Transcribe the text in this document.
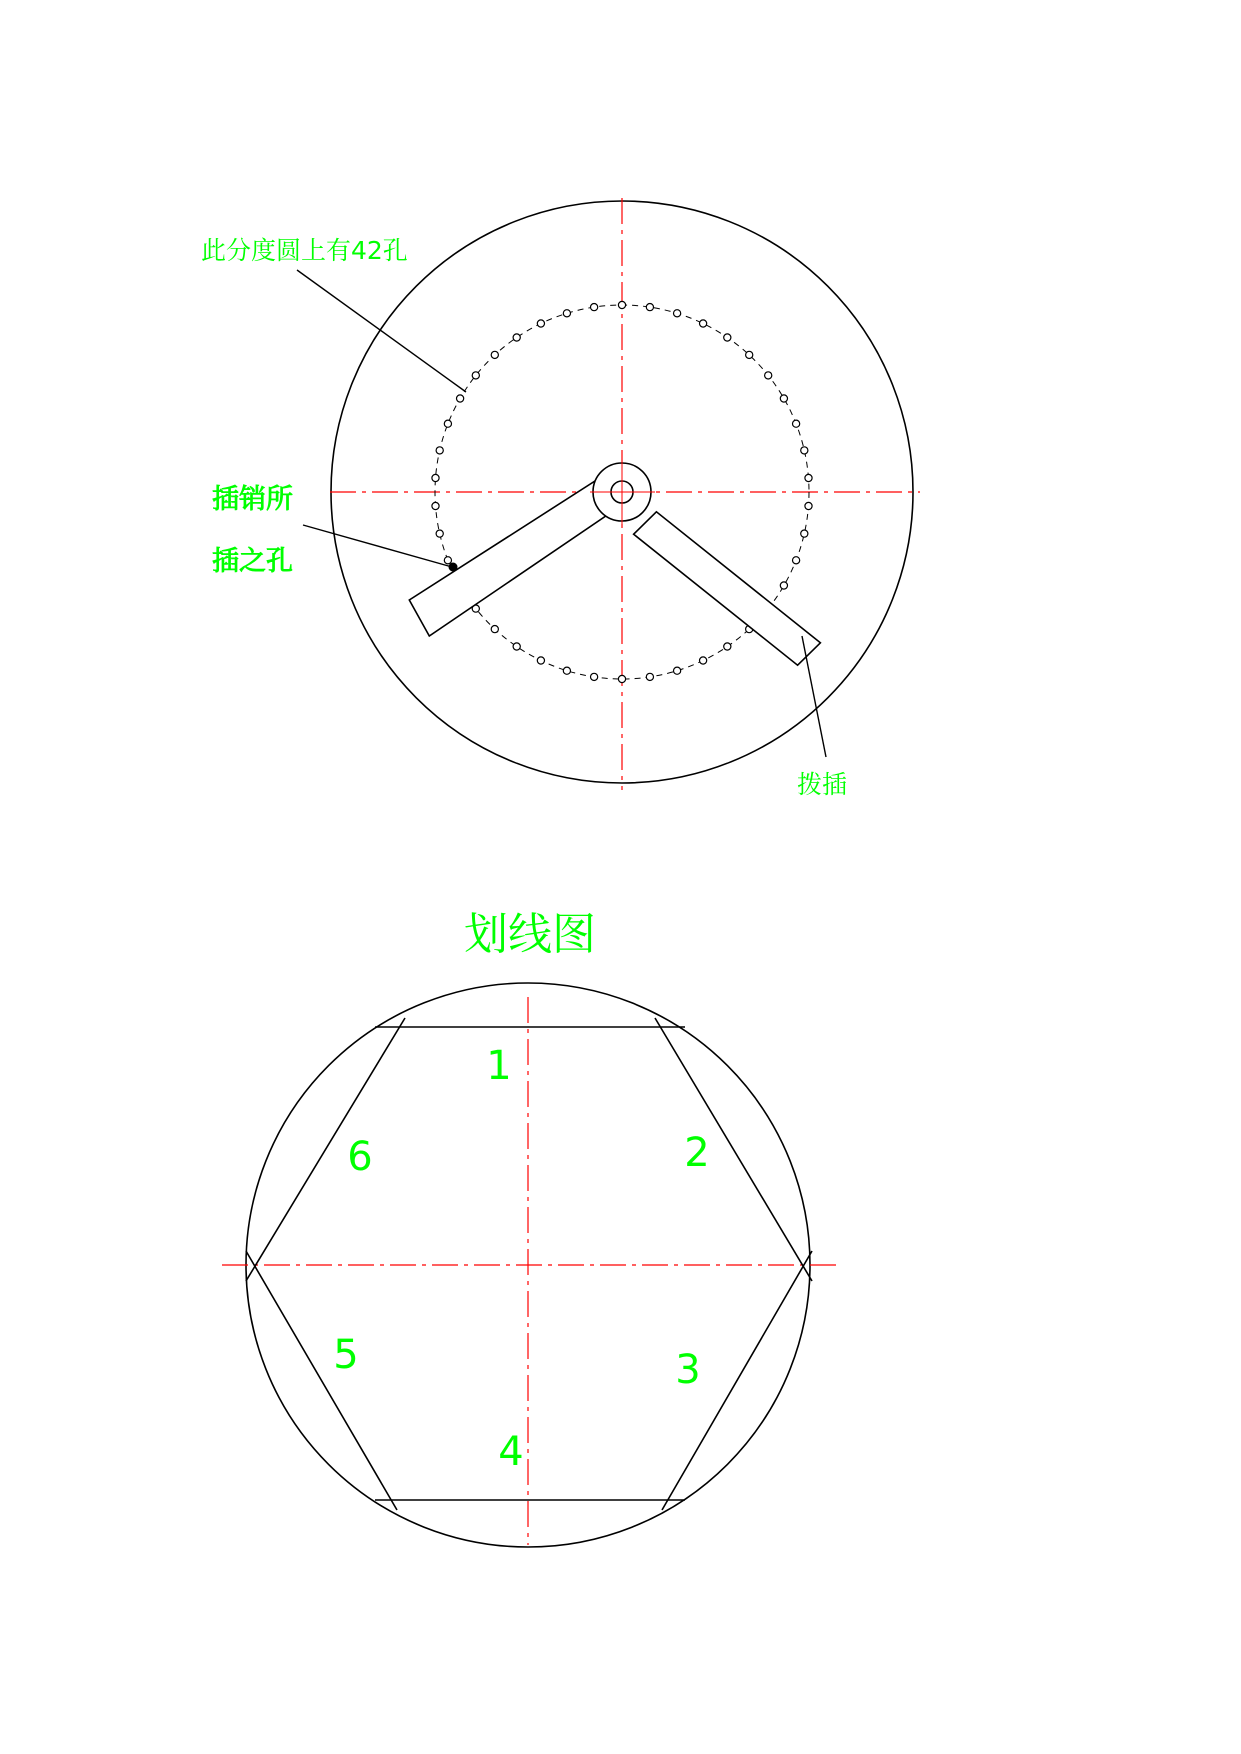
此分度圆上有42孔
插销所
插之孔
拨插
划线图
1
2
3
4
5
6
